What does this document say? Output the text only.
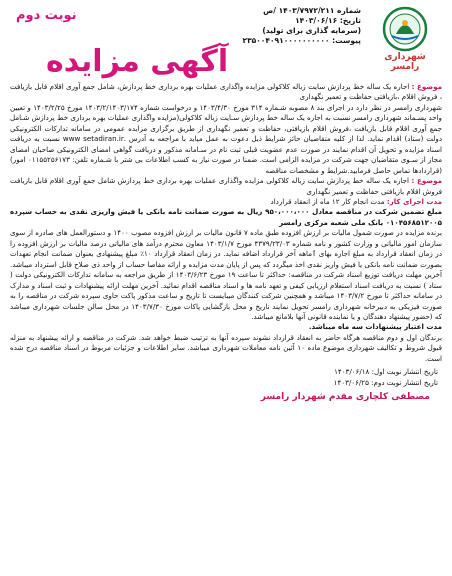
نوبت دوم
آگهی مزایده
شماره ۱۴۰۳/۷۹۷۲/۲۱۱ /ص
تاریخ: ۱۴۰۳/۰۶/۱۶
(سرمایه گذاری برای تولید)
پیوست: ۲۳۵۰۰۴۰۹۱۰۰۰۰۰۰۰۰۰۰
شهرداری رامسر

موضوع : اجاره یک ساله خط پردازش سایت زباله کلاکولی مزایده واگذاری عملیات بهره برداری خط پردازش، شامل جمع آوری اقلام قابل بازیافت ، فروش اقلام ،بازیافتی حفاظت و تعمیر نگهداری

شهرداری رامسر در نظر دارد در اجرای بند ۸ مصوبه شـماره ۳۱۴ مورخ ۱۴۰۳/۴/۳۰ و درخواست شماره ۱۴۰۳/۲/۱۴۰۳/۱۷۴ مورخ ۱۴۰۳/۲/۲۵ و تعیین واحد پسـماند شهرداری رامسر نسبت به اجاره یک ساله خط پردازش سـایت زباله کلاکولی(مزایده واگذاری عملیات بهره برداری خط پردازش شـامل جمع آوری اقلام قابل بازیافت ،فروش اقلام بازیافتی، حفاظت و تعمیر نگهداری از طریق برگزاری مزایده عمومی در سامانه تدارکات الکترونیکی دولت (ستاد) اقدام نماید. لذا از کلیه متقاضیان حائز شرایط ذیل دعوت به عمل میاید با مراجعه به آدرس .www setadiran.ir نسبت به دریافت اسناد مزایده و تحویل آن اقدام نمایند در صورت عدم عضویت قبلی ثبت نام در سـامانه مذکور و دریافت گواهی امضای الکترونیکی صاحبان امضای مجاز از سـوی متقاضیان جهت شرکت در مزایده الزامی است. ضمنا در صورت نیاز به کسب اطلاعات بی شتر با شـماره تلفن: ۰۱۱۵۵۲۵۶۱۷۳ امور) (قراردادها تماس حاصل فرمایید.شرایط و مشخصات مناقصه

موضوع : اجاره یک ساله خط پردازش سایت زباله کلاکولی مزایده واگذاری عملیات بهره برداری خط پردازش شامل جمع آوری اقلام قابل بازیافت فروش اقلام بازیافتی حفاظت و تعمیر نگهداری

مدت اجرای کار: مدت انجام کار ۱۲ ماه از انعقاد قرارداد

مبلغ تضمین شرکت در مناقصه معادل ۹۵۰،۰۰۰،۰۰۰ ریال به صورت ضمانت نامه بانکی یا فیش واریزی نقدی به حساب سپرده ۰۱۰۴۵۶۸۵۱۲۰۰۵ بانک ملی شعبه مرکزی رامسر

برنده مزایده در صورت شمول مالیات بر ارزش افزوده طبق ماده ۷ قانون مالیات بر ارزش افزوده مصوب ۱۴۰۰ و دستورالعمل های صادره از سوی سازمان امور مالیاتی و وزارت کشور و نامه شماره ۴۳۷۹/۲۳/۰۳ مورخ ۱۴۰۳/۱/۷ معاون محترم درآمد های مالیاتی درصد مالیات بر ارزش افزوده را در زمان انعقاد قرارداد به مبلغ اجاره بهای ٱماهه آخر قرارداد اضافه نماید. در زمان انعقاد قرارداد ۱۰٪ مبلغ پیشنهادی بعنوان ضمانت انجام تعهدات بصورت ضمانت نامه بانکی یا فیش واریز نقدی اخذ میگردد که پس از پایان مدت مزایده و ارائه مفاصا حساب از واحد ذی صلاح قابل استرداد میباشد. آخرین مهلت دریافت توزیع اسناد شرکت در مناقصه: حداکثر تا ساعت ۱۹ مورخ ۱۴۰۳/۶/۲۳ از طریق مراجعه به سامانه تدارکات الکترونیکی دولت ( ستاد ) نسبت به دریافت اسناد استعلام ارزیابی کیفی و تعهد نامه ها و اسناد مناقصه اقدام نمائید. آخرین مهلت ارائه پیشنهادات و ثبت اسناد و مدارک در سامانه حداکثر تا مورخ ۱۴۰۳/۷/۲ میباشد و همچنین شرکت کنندگان میبایست تا تاریخ و ساعت مذکور پاکت حاوی سپرده شرکت در مناقصه را به صورت فیزیکی به دبیرخانه شهرداری رامسر تحویل نمایند تاریخ و محل بازگشایی پاکات مورخ ۱۴۰۳/۷/۳۰ در محل سالن جلسات شهرداری میباشد که (حضور پیشنهاد دهندگان و یا نماینده قانونی آنها بلامانع میباشد.

مدت اعتبار پیشنهادات سه ماه میباشد.

برندگان اول و دوم مناقصه هرگاه حاضر به انعقاد قرارداد نشوند سپرده آنها به ترتیب ضبط خواهد شد. شرکت در مناقصه و ارائه پیشنهاد به منزله قبول شروط و تکالیف شهرداری موضوع ماده ۱۰ آئین نامه معاملات شهرداری میباشد. سایر اطلاعات و جزئیات مربوط در اسناد مناقصه درج شده است.

تاریخ انتشار نوبت اول: ۱۴۰۳/۰۶/۱۸
تاریخ انتشار نوبت دوم: ۱۴۰۳/۰۶/۲۵
مصطفی کلچاری مقدم شهردار رامسر
